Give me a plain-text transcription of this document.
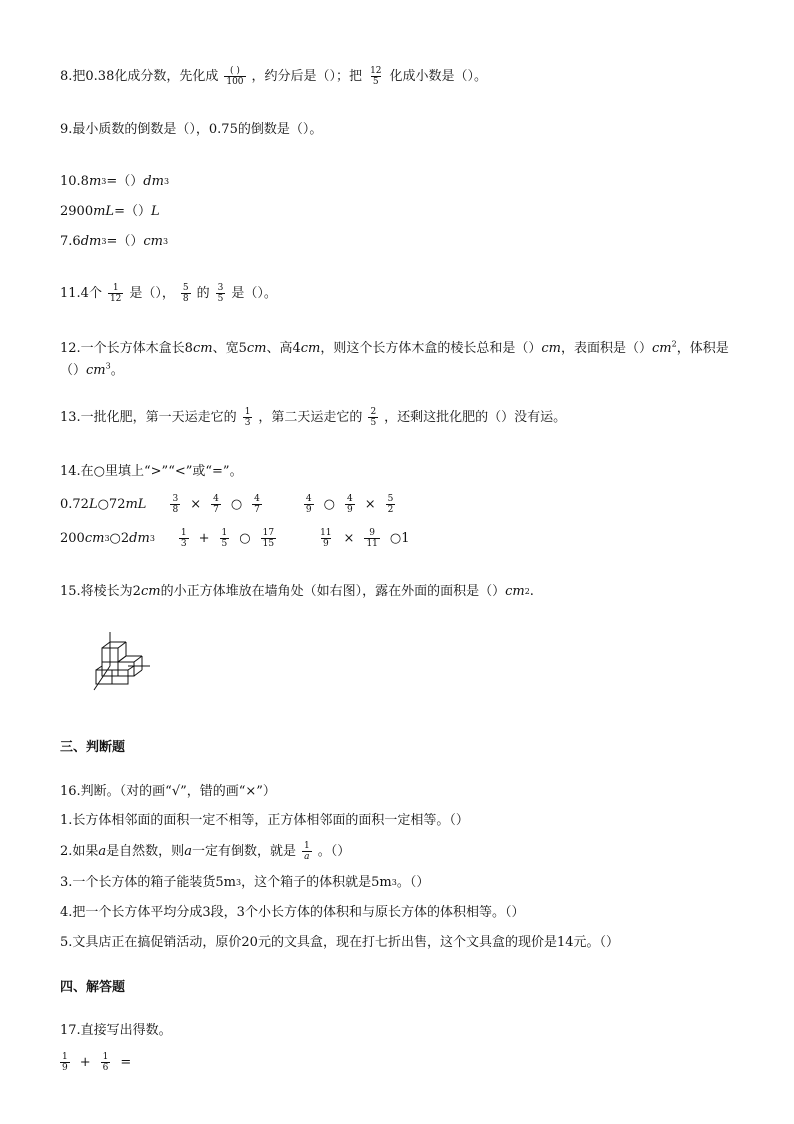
8.把0.38化成分数，先化成 $\frac{( )}{100}$ ，约分后是（）；把 $\frac{12}{5}$ 化成小数是（）。
9.最小质数的倒数是（），0.75的倒数是（）。
10.8 m 3 =（） dm 3
2900 mL =（） L
7.6 dm 3 =（） cm 3
11.4个 $\frac{1}{12}$ 是（）， $\frac{5}{8}$ 的 $\frac{3}{5}$ 是（）。
12.一个长方体木盒长8cm、宽5cm、高4cm，则这个长方体木盒的棱长总和是（）cm，表面积是$()cm^2$，体积是$()cm^3$。
13.一批化肥，第一天运走它的 $\frac{1}{3}$ ，第二天运走它的 $\frac{2}{5}$ ，还剩这批化肥的（）没有运。
14.在○里填上“>”“<”或“=”。
0.72 L ○72 mL	$\frac{3}{8} \times \frac{4}{7}$ ○ $\frac{4}{7}$	$\frac{4}{9}$ ○ $\frac{4}{9} \times \frac{5}{2}$
200 cm 3 ○2 dm 3	$\frac{1}{3} + \frac{1}{5}$ ○ $\frac{17}{15}$	$\frac{11}{9} \times \frac{9}{11}$ ○1
15.将棱长为2 cm 的小正方体堆放在墙角处（如右图），露在外面的面积是（） cm 2 .
三、判断题
16.判断。（对的画“√”，错的画“×”）
1.长方体相邻面的面积一定不相等，正方体相邻面的面积一定相等。（）
2.如果 a 是自然数，则 a 一定有倒数，就是 $\frac{1}{a}$ 。（）
3.一个长方体的箱子能装货5m 3 ，这个箱子的体积就是5m 3 。（）
4.把一个长方体平均分成3段，3个小长方体的体积和与原长方体的体积相等。（）
5.文具店正在搞促销活动，原价20元的文具盒，现在打七折出售，这个文具盒的现价是14元。（）
四、解答题
17.直接写出得数。
$\frac{1}{9} + \frac{1}{6}$ =
